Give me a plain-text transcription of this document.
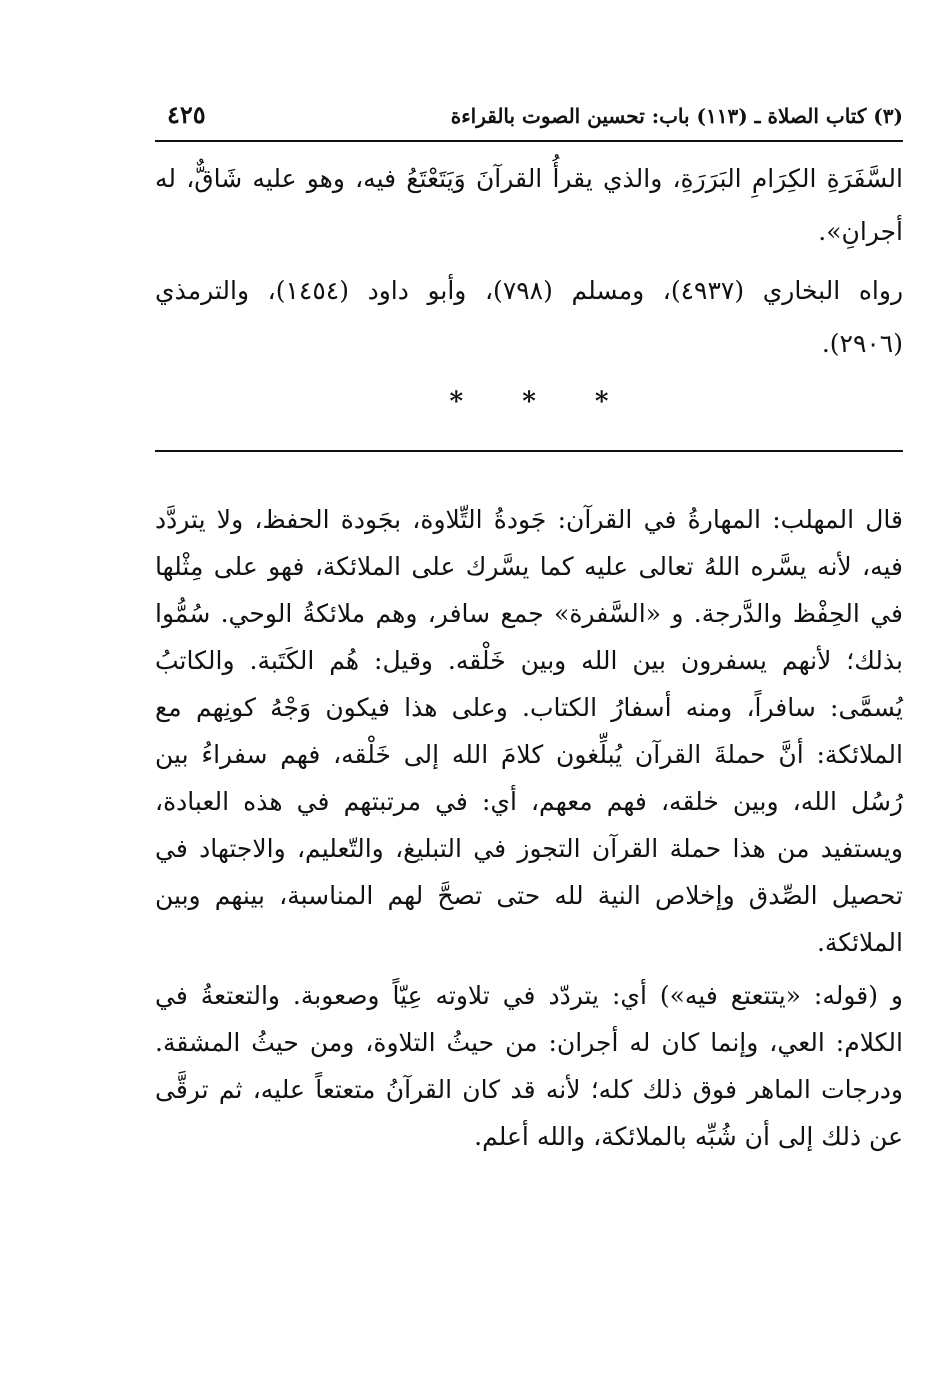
(٣) كتاب الصلاة ـ (١١٣) باب: تحسين الصوت بالقراءة
٤٢٥

السَّفَرَةِ الكِرَامِ البَرَرَةِ، والذي يقرأُ القرآنَ وَيَتَعْتَعُ فيه، وهو عليه شَاقٌّ، له أجرانِ».

رواه البخاري (٤٩٣٧)، ومسلم (٧٩٨)، وأبو داود (١٤٥٤)، والترمذي (٢٩٠٦).

* * *

قال المهلب: المهارةُ في القرآن: جَودةُ التِّلاوة، بجَودة الحفظ، ولا يتردَّد فيه، لأنه يسَّره اللهُ تعالى عليه كما يسَّرك على الملائكة، فهو على مِثْلها في الحِفْظ والدَّرجة. و «السَّفرة» جمع سافر، وهم ملائكةُ الوحي. سُمُّوا بذلك؛ لأنهم يسفرون بين الله وبين خَلْقه. وقيل: هُم الكَتَبة. والكاتبُ يُسمَّى: سافراً، ومنه أسفارُ الكتاب. وعلى هذا فيكون وَجْهُ كونِهم مع الملائكة: أنَّ حملةَ القرآن يُبلِّغون كلامَ الله إلى خَلْقه، فهم سفراءُ بين رُسُل الله، وبين خلقه، فهم معهم، أي: في مرتبتهم في هذه العبادة، ويستفيد من هذا حملة القرآن التجوز في التبليغ، والتّعليم، والاجتهاد في تحصيل الصِّدق وإخلاص النية لله حتى تصحَّ لهم المناسبة، بينهم وبين الملائكة.

و (قوله: «يتتعتع فيه») أي: يتردّد في تلاوته عِيّاً وصعوبة. والتعتعةُ في الكلام: العي، وإنما كان له أجران: من حيثُ التلاوة، ومن حيثُ المشقة. ودرجات الماهر فوق ذلك كله؛ لأنه قد كان القرآنُ متعتعاً عليه، ثم ترقَّى عن ذلك إلى أن شُبِّه بالملائكة، والله أعلم.
